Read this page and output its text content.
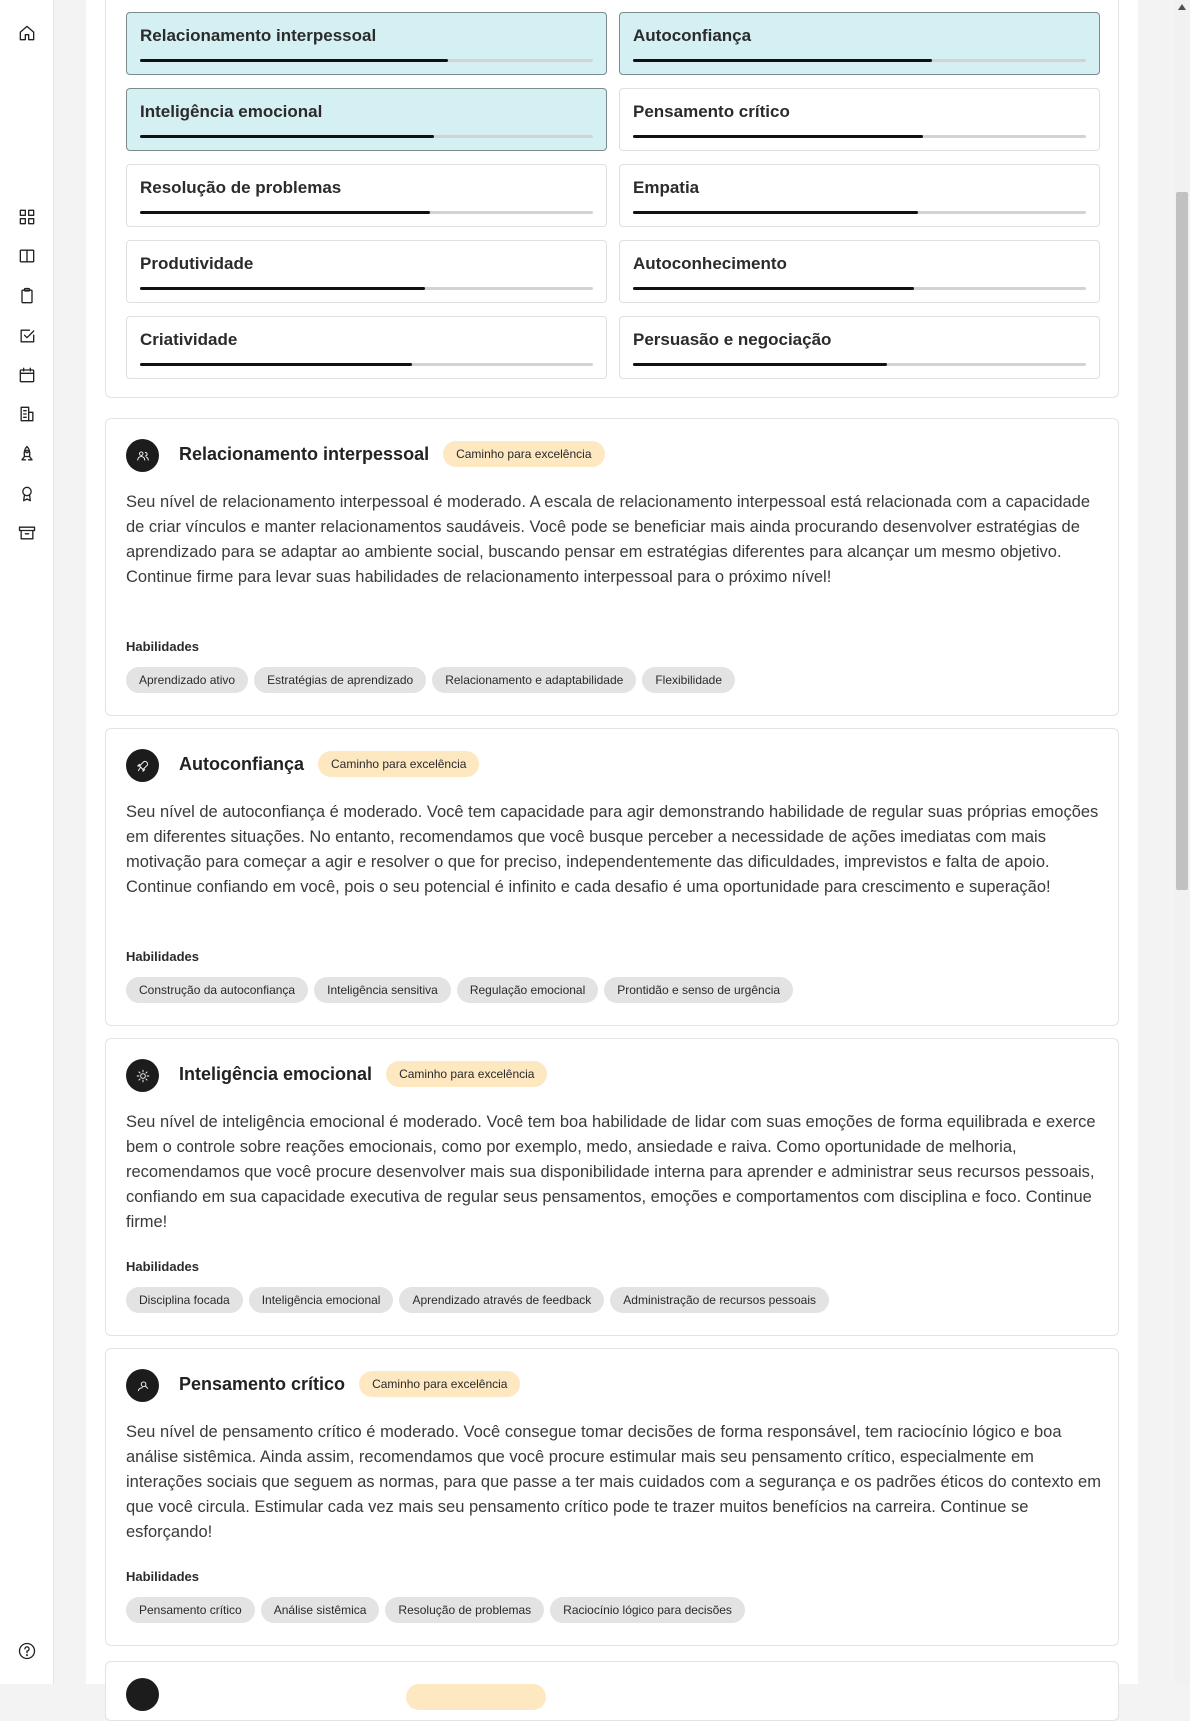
Relacionamento interpessoal	Autoconfiança
Inteligência emocional	Pensamento crítico
Resolução de problemas	Empatia
Produtividade	Autoconhecimento
Criatividade	Persuasão e negociação
Relacionamento interpessoal	Caminho para excelência
Seu nível de relacionamento interpessoal é moderado. A escala de relacionamento interpessoal está relacionada com a capacidade de criar vínculos e manter relacionamentos saudáveis. Você pode se beneficiar mais ainda procurando desenvolver estratégias de aprendizado para se adaptar ao ambiente social, buscando pensar em estratégias diferentes para alcançar um mesmo objetivo. Continue firme para levar suas habilidades de relacionamento interpessoal para o próximo nível!
Habilidades
Aprendizado ativo	Estratégias de aprendizado	Relacionamento e adaptabilidade	Flexibilidade
Autoconfiança	Caminho para excelência
Seu nível de autoconfiança é moderado. Você tem capacidade para agir demonstrando habilidade de regular suas próprias emoções em diferentes situações. No entanto, recomendamos que você busque perceber a necessidade de ações imediatas com mais motivação para começar a agir e resolver o que for preciso, independentemente das dificuldades, imprevistos e falta de apoio. Continue confiando em você, pois o seu potencial é infinito e cada desafio é uma oportunidade para crescimento e superação!
Habilidades
Construção da autoconfiança	Inteligência sensitiva	Regulação emocional	Prontidão e senso de urgência
Inteligência emocional	Caminho para excelência
Seu nível de inteligência emocional é moderado. Você tem boa habilidade de lidar com suas emoções de forma equilibrada e exerce bem o controle sobre reações emocionais, como por exemplo, medo, ansiedade e raiva. Como oportunidade de melhoria, recomendamos que você procure desenvolver mais sua disponibilidade interna para aprender e administrar seus recursos pessoais, confiando em sua capacidade executiva de regular seus pensamentos, emoções e comportamentos com disciplina e foco. Continue firme!
Habilidades
Disciplina focada	Inteligência emocional	Aprendizado através de feedback	Administração de recursos pessoais
Pensamento crítico	Caminho para excelência
Seu nível de pensamento crítico é moderado. Você consegue tomar decisões de forma responsável, tem raciocínio lógico e boa análise sistêmica. Ainda assim, recomendamos que você procure estimular mais seu pensamento crítico, especialmente em interações sociais que seguem as normas, para que passe a ter mais cuidados com a segurança e os padrões éticos do contexto em que você circula. Estimular cada vez mais seu pensamento crítico pode te trazer muitos benefícios na carreira. Continue se esforçando!
Habilidades
Pensamento crítico	Análise sistêmica	Resolução de problemas	Raciocínio lógico para decisões
